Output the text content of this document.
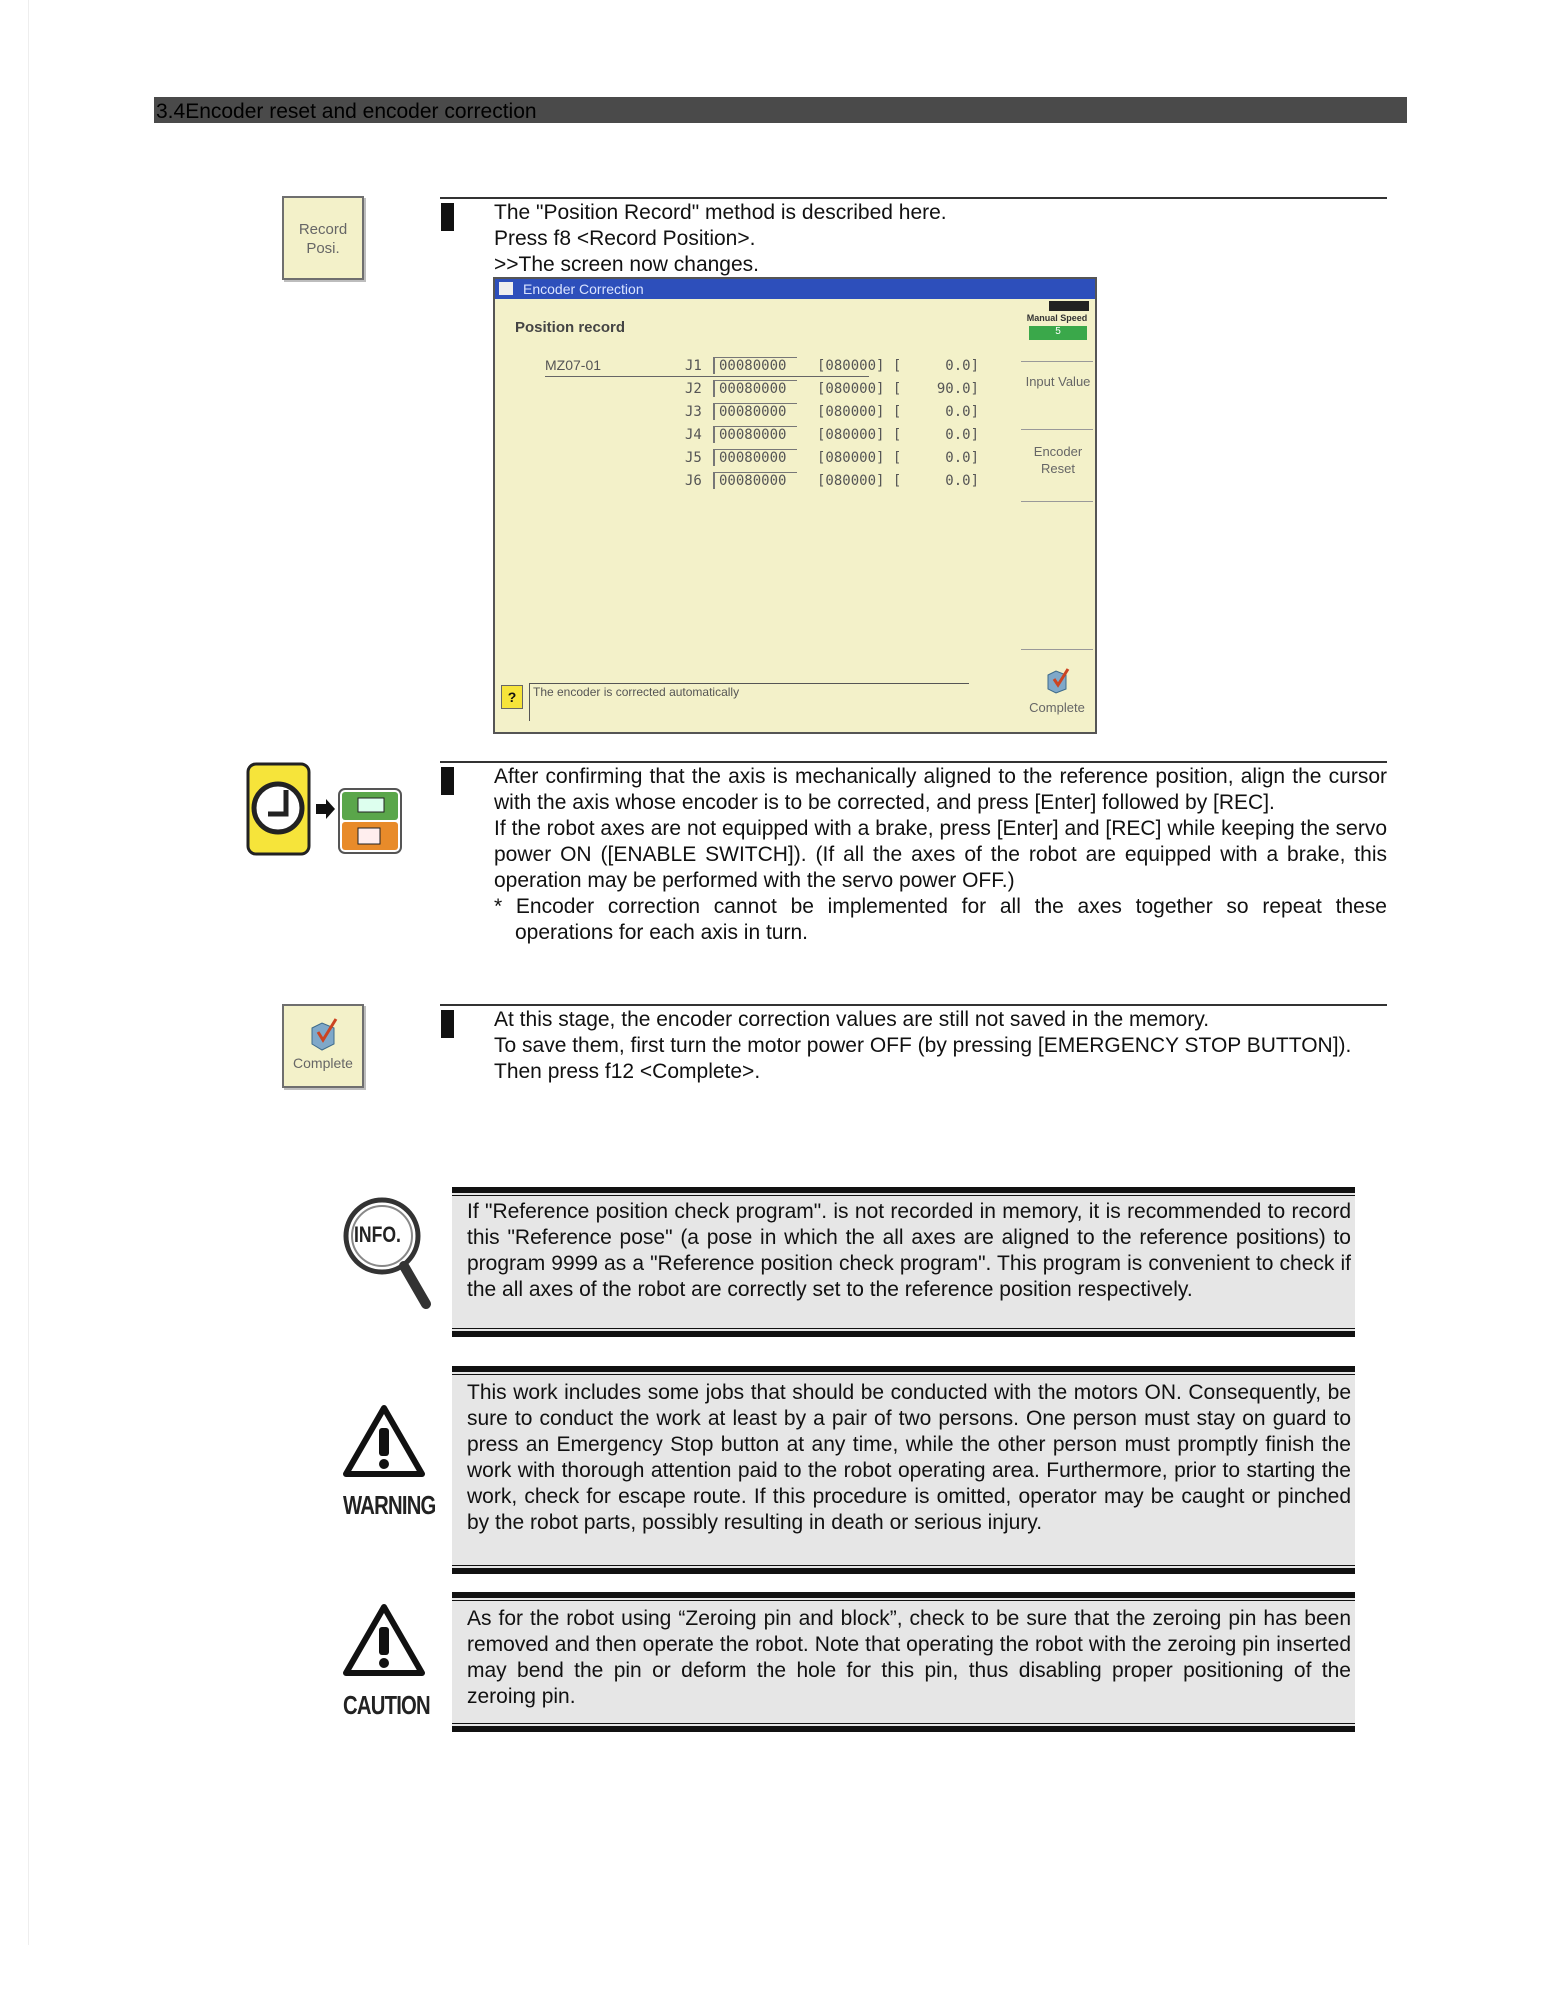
3.4Encoder reset and encoder correction
Record Posi.

The "Position Record" method is described here.

Press f8 <Record Position>.

>>The screen now changes.

Encoder Correction
Position record
MZ07-01	J1 00080000 [080000] [	0.0]
J2 00080000 [080000] [	90.0]
J3 00080000 [080000] [	0.0]
J4 00080000 [080000] [	0.0]
J5 00080000 [080000] [	0.0]
J6 00080000 [080000] [	0.0]
Manual Speed
5
Input Value
Encoder Reset
?	The encoder is corrected automatically
Complete

After confirming that the axis is mechanically aligned to the reference position, align the cursor with the axis whose encoder is to be corrected, and press [Enter] followed by [REC].

If the robot axes are not equipped with a brake, press [Enter] and [REC] while keeping the servo power ON ([ENABLE SWITCH]). (If all the axes of the robot are equipped with a brake, this operation may be performed with the servo power OFF.)

* Encoder correction cannot be implemented for all the axes together so repeat these operations for each axis in turn.

Complete

At this stage, the encoder correction values are still not saved in the memory.

To save them, first turn the motor power OFF (by pressing [EMERGENCY STOP BUTTON]).

Then press f12 <Complete>.

INFO.
If "Reference position check program". is not recorded in memory, it is recommended to record this "Reference pose" (a pose in which the all axes are aligned to the reference positions) to program 9999 as a "Reference position check program". This program is convenient to check if the all axes of the robot are correctly set to the reference position respectively.
WARNING
This work includes some jobs that should be conducted with the motors ON. Consequently, be sure to conduct the work at least by a pair of two persons. One person must stay on guard to press an Emergency Stop button at any time, while the other person must promptly finish the work with thorough attention paid to the robot operating area. Furthermore, prior to starting the work, check for escape route. If this procedure is omitted, operator may be caught or pinched by the robot parts, possibly resulting in death or serious injury.
CAUTION
As for the robot using “Zeroing pin and block”, check to be sure that the zeroing pin has been removed and then operate the robot. Note that operating the robot with the zeroing pin inserted may bend the pin or deform the hole for this pin, thus disabling proper positioning of the zeroing pin.
